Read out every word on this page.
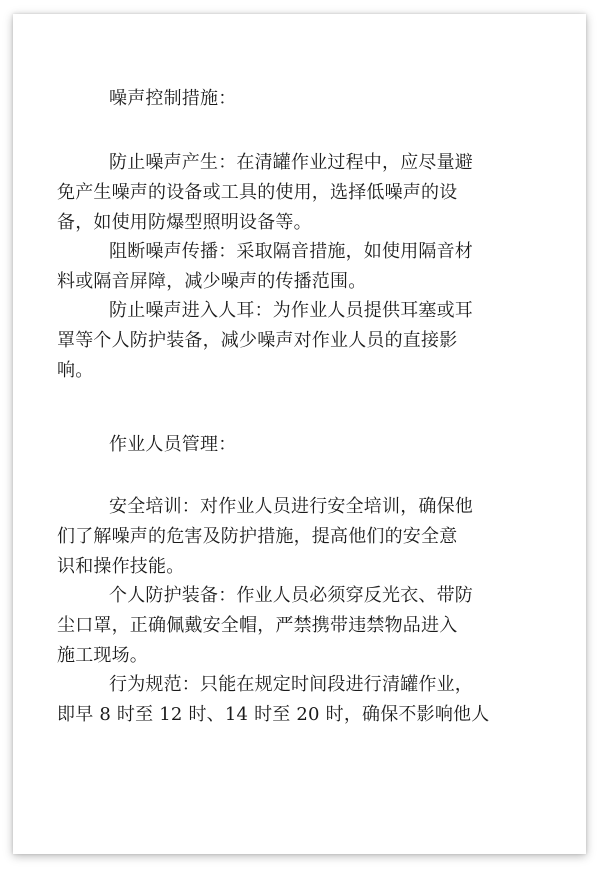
噪声控制措施：
防止噪声产生：在清罐作业过程中，应尽量避
免产生噪声的设备或工具的使用，选择低噪声的设
备，如使用防爆型照明设备等。
阻断噪声传播：采取隔音措施，如使用隔音材
料或隔音屏障，减少噪声的传播范围。
防止噪声进入人耳：为作业人员提供耳塞或耳
罩等个人防护装备，减少噪声对作业人员的直接影
响。
作业人员管理：
安全培训：对作业人员进行安全培训，确保他
们了解噪声的危害及防护措施，提高他们的安全意
识和操作技能。
个人防护装备：作业人员必须穿反光衣、带防
尘口罩，正确佩戴安全帽，严禁携带违禁物品进入
施工现场。
行为规范：只能在规定时间段进行清罐作业，
即早 8 时至 12 时、14 时至 20 时，确保不影响他人
